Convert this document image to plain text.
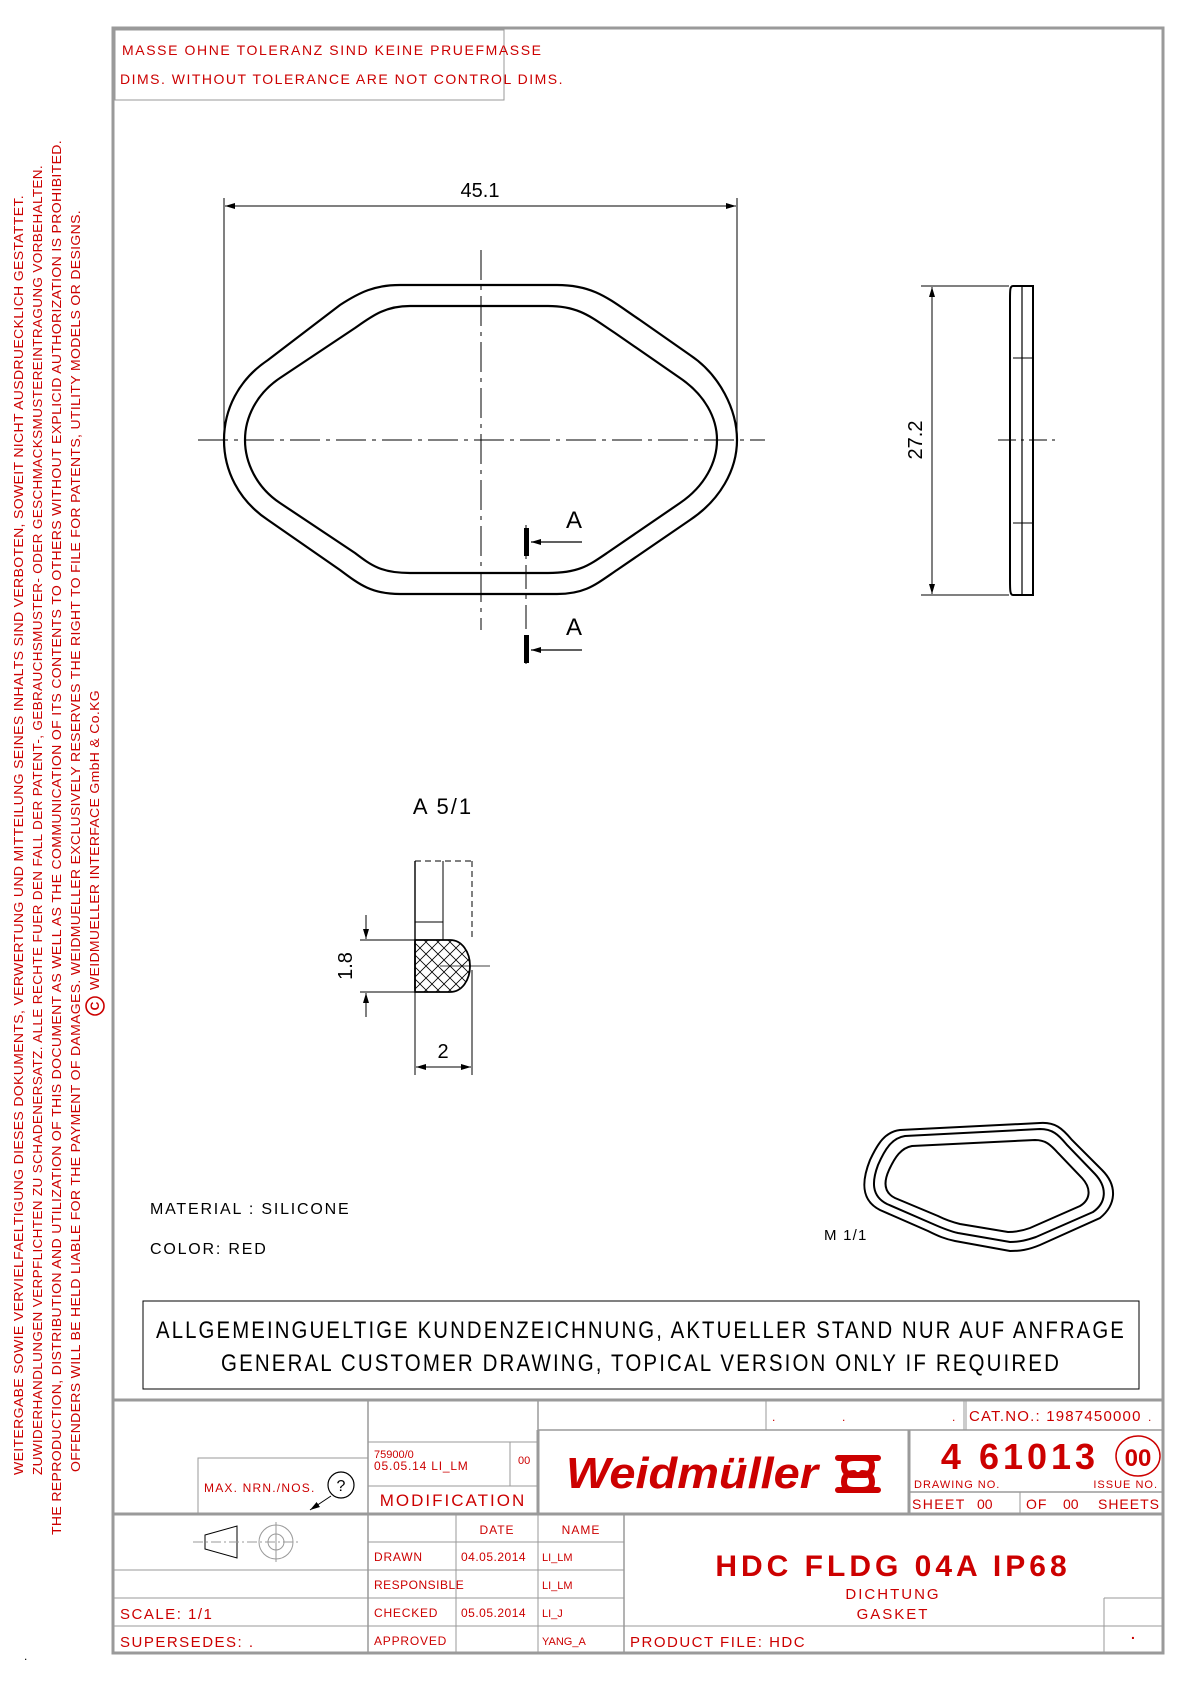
MASSE OHNE TOLERANZ SIND KEINE PRUEFMASSE
DIMS. WITHOUT TOLERANCE ARE NOT CONTROL DIMS.
WEITERGABE SOWIE VERVIELFAELTIGUNG DIESES DOKUMENTS, VERWERTUNG UND MITTEILUNG SEINES INHALTS SIND VERBOTEN, SOWEIT NICHT AUSDRUECKLICH GESTATTET. ZUWIDERHANDLUNGEN VERPFLICHTEN ZU SCHADENERSATZ. ALLE RECHTE FUER DEN FALL DER PATENT-, GEBRAUCHSMUSTER- ODER GESCHMACKSMUSTEREINTRAGUNG VORBEHALTEN. THE REPRODUCTION, DISTRIBUTION AND UTILIZATION OF THIS DOCUMENT AS WELL AS THE COMMUNICATION OF ITS CONTENTS TO OTHERS WITHOUT EXPLICID AUTHORIZATION IS PROHIBITED. OFFENDERS WILL BE HELD LIABLE FOR THE PAYMENT OF DAMAGES. WEIDMUELLER EXCLUSIVELY RESERVES THE RIGHT TO FILE FOR PATENTS, UTILITY MODELS OR DESIGNS. C
WEIDMUELLER INTERFACE GmbH & Co.KG
45.1
A
A
27.2
A 5/1
1.8
2
MATERIAL : SILICONE
COLOR: RED
M 1/1
ALLGEMEINGUELTIGE KUNDENZEICHNUNG, AKTUELLER STAND NUR AUF ANFRAGE
GENERAL CUSTOMER DRAWING, TOPICAL VERSION ONLY IF REQUIRED
CAT.NO.: 1987450000
.	.	.	.
MAX. NRN./NOS. ?
75900/0
05.05.14 LI_LM	00
MODIFICATION
Weidmüller	4 61013 00
DRAWING NO.	ISSUE NO.
SHEET 00 OF 00 SHEETS
DATE	NAME
DRAWN	04.05.2014 LI_LM
RESPONSIBLE	LI_LM
CHECKED 05.05.2014 LI_J
APPROVED	YANG_A
HDC FLDG 04A IP68
DICHTUNG
GASKET
.
SCALE: 1/1
SUPERSEDES: .	PRODUCT FILE: HDC
.
